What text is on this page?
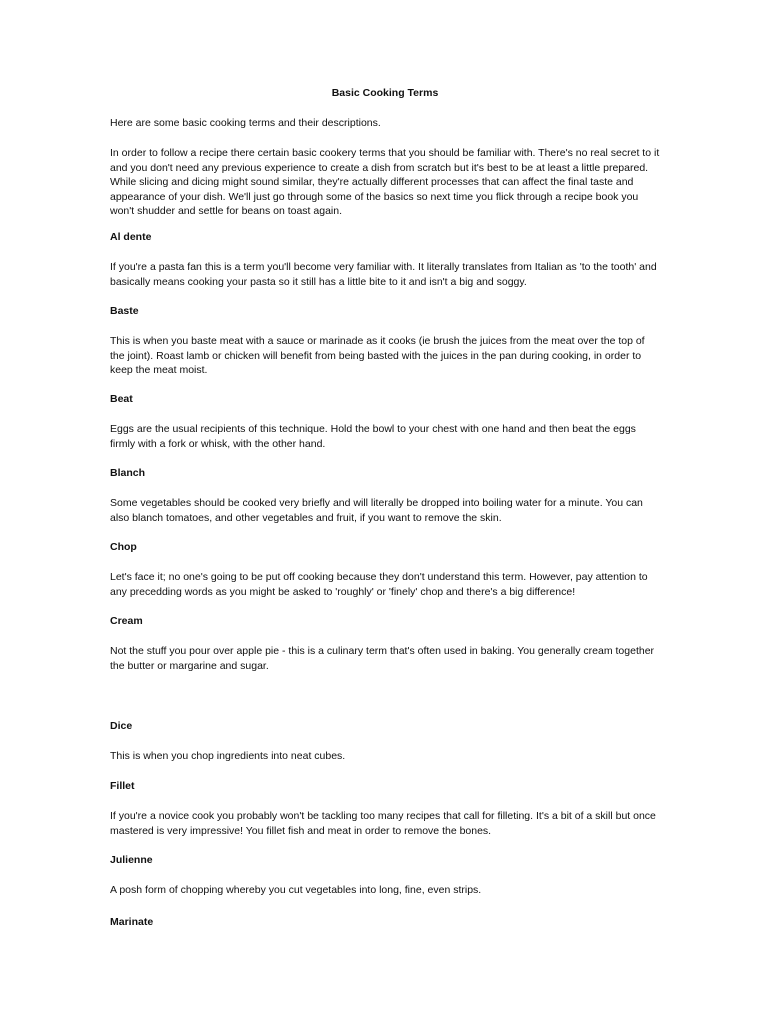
Basic Cooking Terms

Here are some basic cooking terms and their descriptions.

In order to follow a recipe there certain basic cookery terms that you should be familiar with. There's no real secret to it and you don't need any previous experience to create a dish from scratch but it's best to be at least a little prepared. While slicing and dicing might sound similar, they're actually different processes that can affect the final taste and appearance of your dish. We'll just go through some of the basics so next time you flick through a recipe book you won't shudder and settle for beans on toast again.

Al dente

If you're a pasta fan this is a term you'll become very familiar with. It literally translates from Italian as 'to the tooth' and basically means cooking your pasta so it still has a little bite to it and isn't a big and soggy.

Baste

This is when you baste meat with a sauce or marinade as it cooks (ie brush the juices from the meat over the top of the joint). Roast lamb or chicken will benefit from being basted with the juices in the pan during cooking, in order to keep the meat moist.

Beat

Eggs are the usual recipients of this technique. Hold the bowl to your chest with one hand and then beat the eggs firmly with a fork or whisk, with the other hand.

Blanch

Some vegetables should be cooked very briefly and will literally be dropped into boiling water for a minute. You can also blanch tomatoes, and other vegetables and fruit, if you want to remove the skin.

Chop

Let's face it; no one's going to be put off cooking because they don't understand this term. However, pay attention to any precedding words as you might be asked to 'roughly' or 'finely' chop and there's a big difference!

Cream

Not the stuff you pour over apple pie - this is a culinary term that's often used in baking. You generally cream together the butter or margarine and sugar.

Dice

This is when you chop ingredients into neat cubes.

Fillet

If you're a novice cook you probably won't be tackling too many recipes that call for filleting. It's a bit of a skill but once mastered is very impressive! You fillet fish and meat in order to remove the bones.

Julienne

A posh form of chopping whereby you cut vegetables into long, fine, even strips.

Marinate
